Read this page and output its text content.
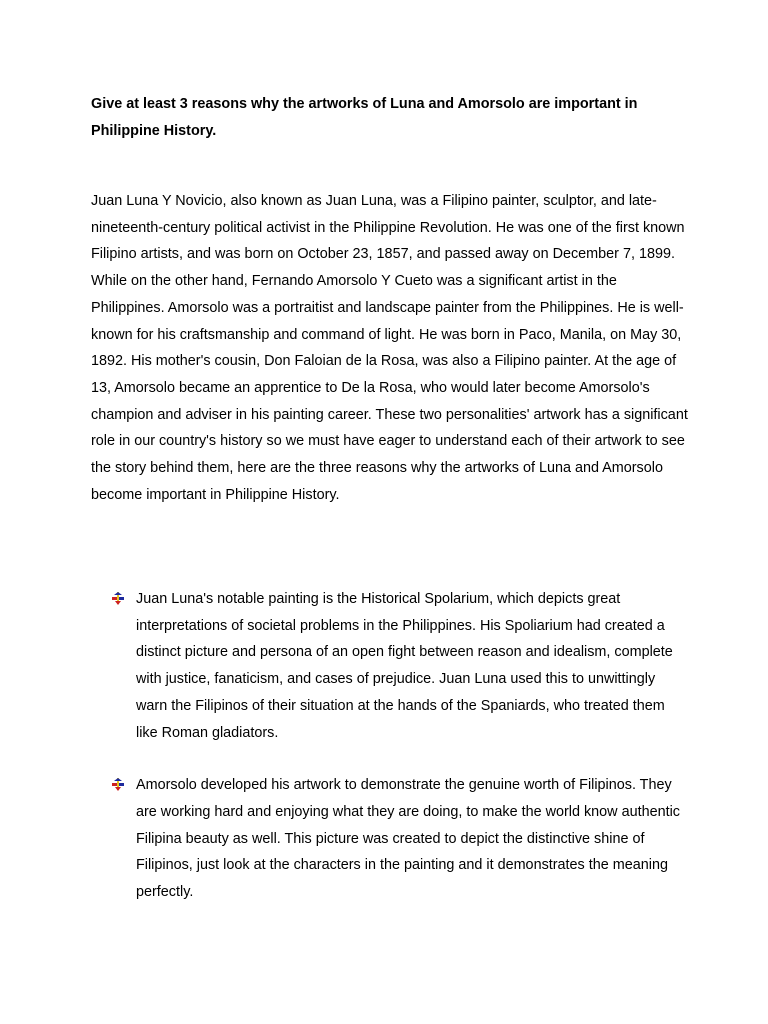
Give at least 3 reasons why the artworks of Luna and Amorsolo are important in Philippine History.

Juan Luna Y Novicio, also known as Juan Luna, was a Filipino painter, sculptor, and late-nineteenth-century political activist in the Philippine Revolution. He was one of the first known Filipino artists, and was born on October 23, 1857, and passed away on December 7, 1899. While on the other hand, Fernando Amorsolo Y Cueto was a significant artist in the Philippines. Amorsolo was a portraitist and landscape painter from the Philippines. He is well-known for his craftsmanship and command of light. He was born in Paco, Manila, on May 30, 1892. His mother's cousin, Don Faloian de la Rosa, was also a Filipino painter. At the age of 13, Amorsolo became an apprentice to De la Rosa, who would later become Amorsolo's champion and adviser in his painting career. These two personalities' artwork has a significant role in our country's history so we must have eager to understand each of their artwork to see the story behind them, here are the three reasons why the artworks of Luna and Amorsolo become important in Philippine History.

Juan Luna's notable painting is the Historical Spolarium, which depicts great interpretations of societal problems in the Philippines. His Spoliarium had created a distinct picture and persona of an open fight between reason and idealism, complete with justice, fanaticism, and cases of prejudice. Juan Luna used this to unwittingly warn the Filipinos of their situation at the hands of the Spaniards, who treated them like Roman gladiators.
Amorsolo developed his artwork to demonstrate the genuine worth of Filipinos. They are working hard and enjoying what they are doing, to make the world know authentic Filipina beauty as well. This picture was created to depict the distinctive shine of Filipinos, just look at the characters in the painting and it demonstrates the meaning perfectly.
